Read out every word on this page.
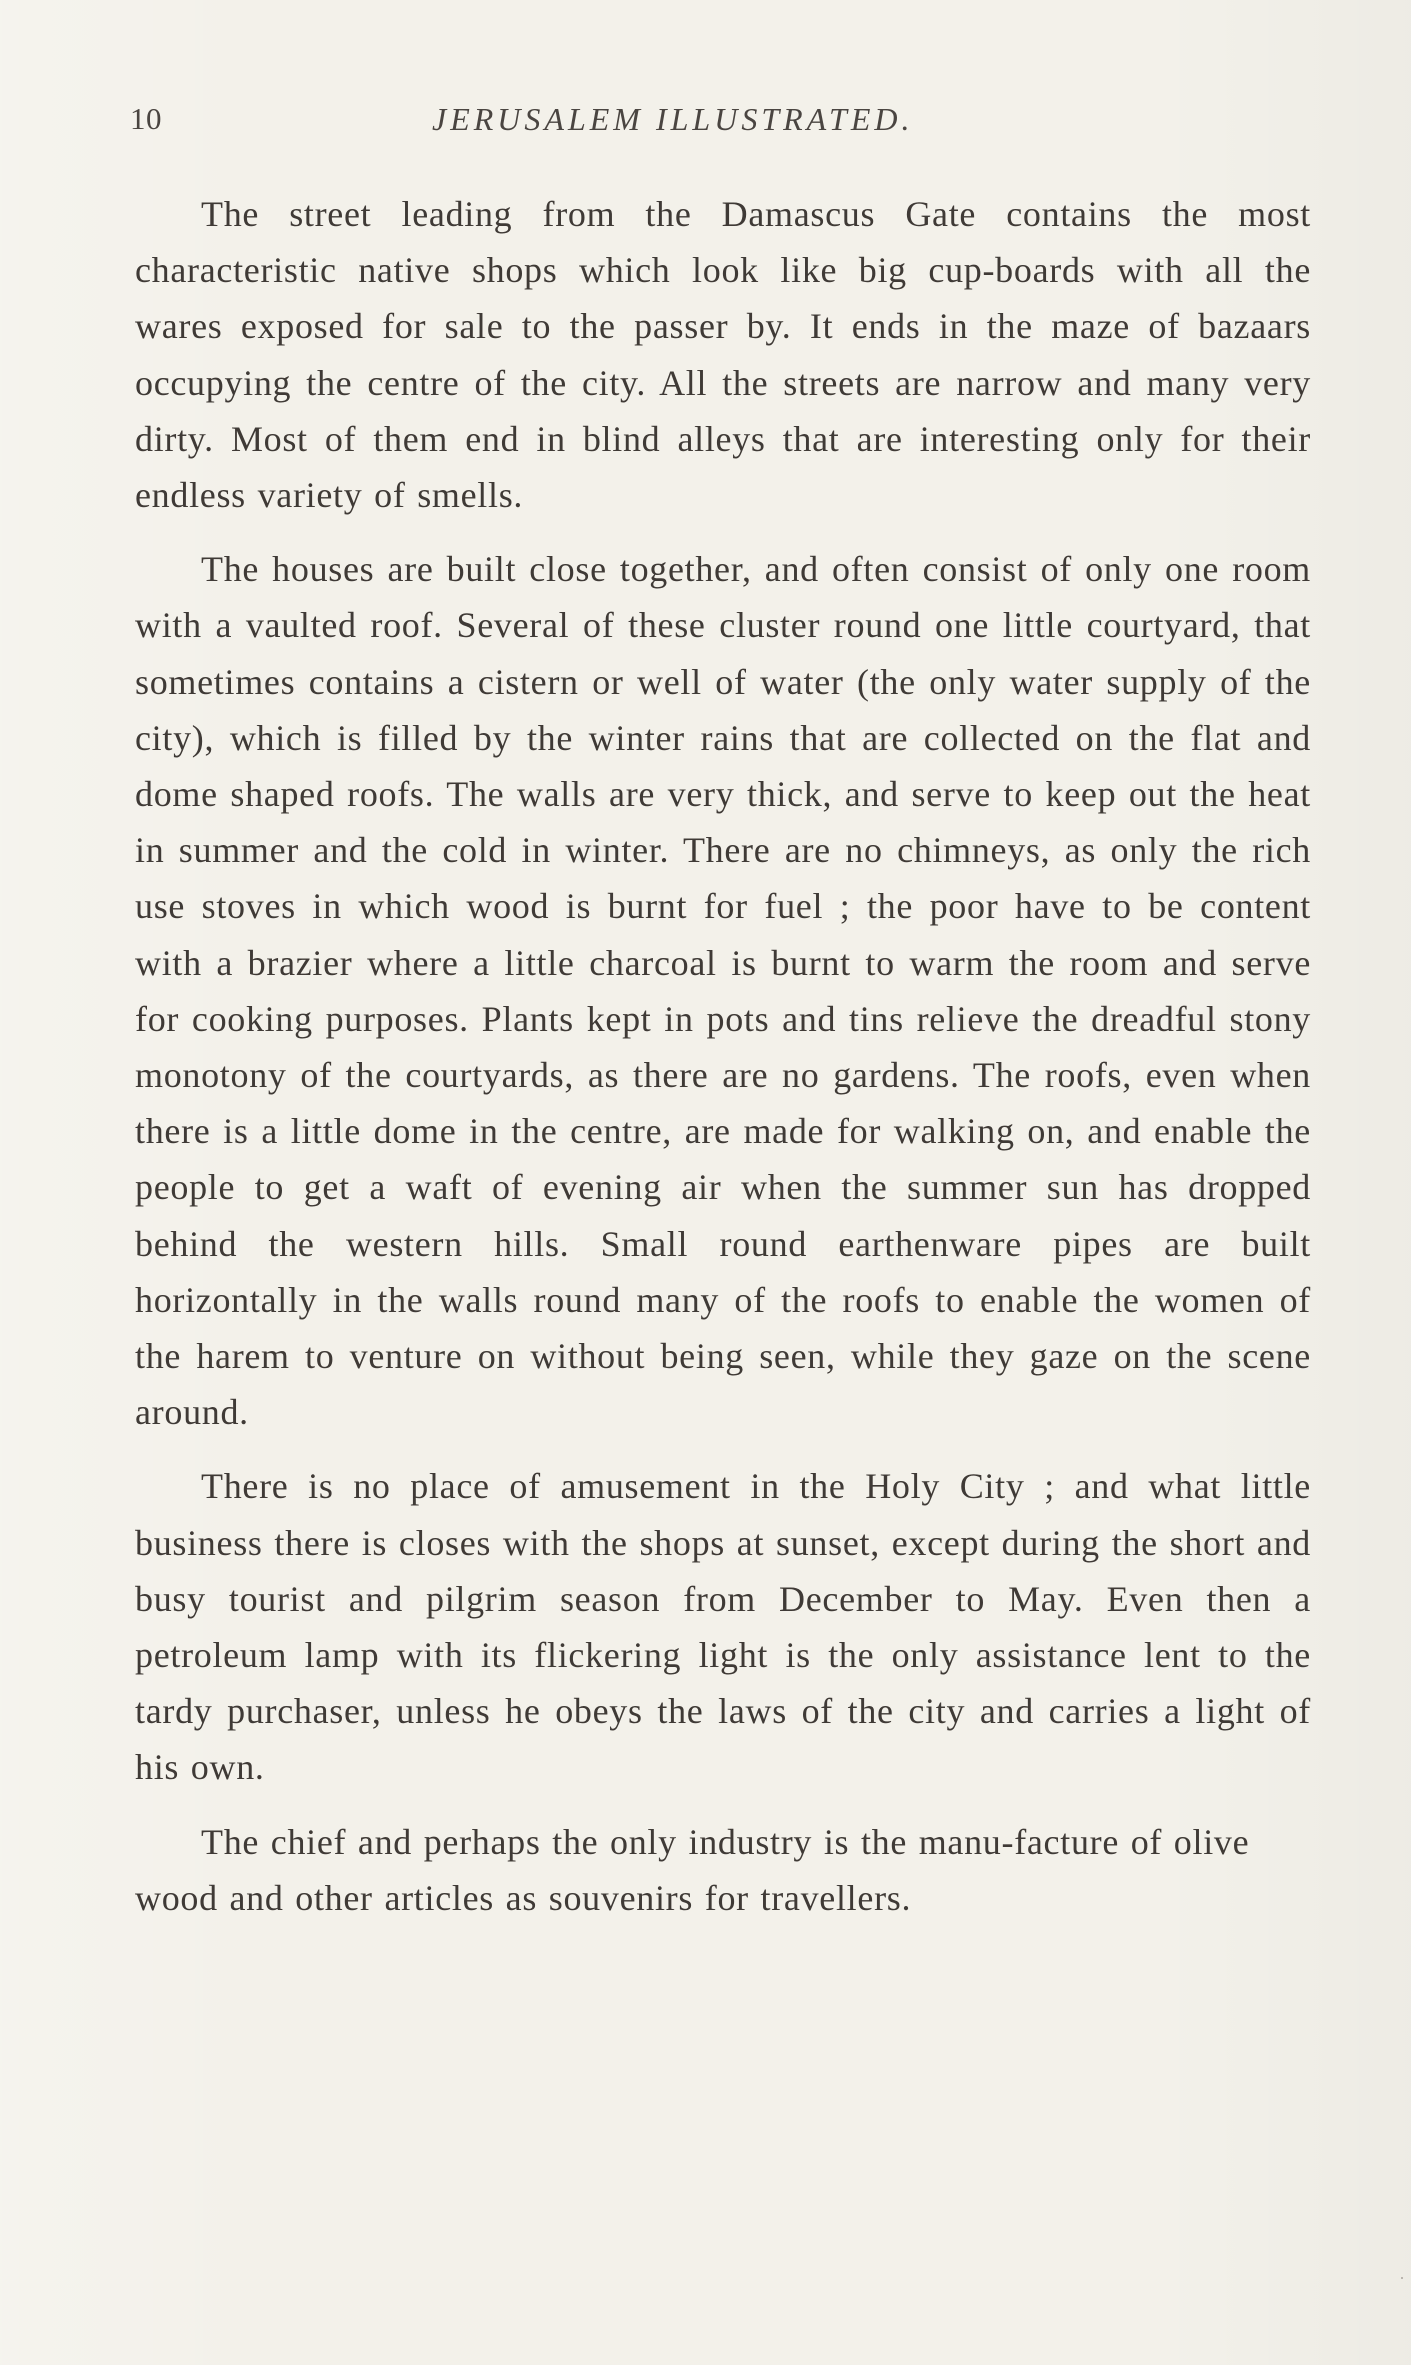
10	JERUSALEM ILLUSTRATED.

The street leading from the Damascus Gate contains the most characteristic native shops which look like big cup-boards with all the wares exposed for sale to the passer by. It ends in the maze of bazaars occupying the centre of the city. All the streets are narrow and many very dirty. Most of them end in blind alleys that are interesting only for their endless variety of smells.

The houses are built close together, and often consist of only one room with a vaulted roof. Several of these cluster round one little courtyard, that sometimes contains a cistern or well of water (the only water supply of the city), which is filled by the winter rains that are collected on the flat and dome shaped roofs. The walls are very thick, and serve to keep out the heat in summer and the cold in winter. There are no chimneys, as only the rich use stoves in which wood is burnt for fuel ; the poor have to be content with a brazier where a little charcoal is burnt to warm the room and serve for cooking purposes. Plants kept in pots and tins relieve the dreadful stony monotony of the courtyards, as there are no gardens. The roofs, even when there is a little dome in the centre, are made for walking on, and enable the people to get a waft of evening air when the summer sun has dropped behind the western hills. Small round earthenware pipes are built horizontally in the walls round many of the roofs to enable the women of the harem to venture on without being seen, while they gaze on the scene around.

There is no place of amusement in the Holy City ; and what little business there is closes with the shops at sunset, except during the short and busy tourist and pilgrim season from December to May. Even then a petroleum lamp with its flickering light is the only assistance lent to the tardy purchaser, unless he obeys the laws of the city and carries a light of his own.

The chief and perhaps the only industry is the manu-facture of olive wood and other articles as souvenirs for travellers.
